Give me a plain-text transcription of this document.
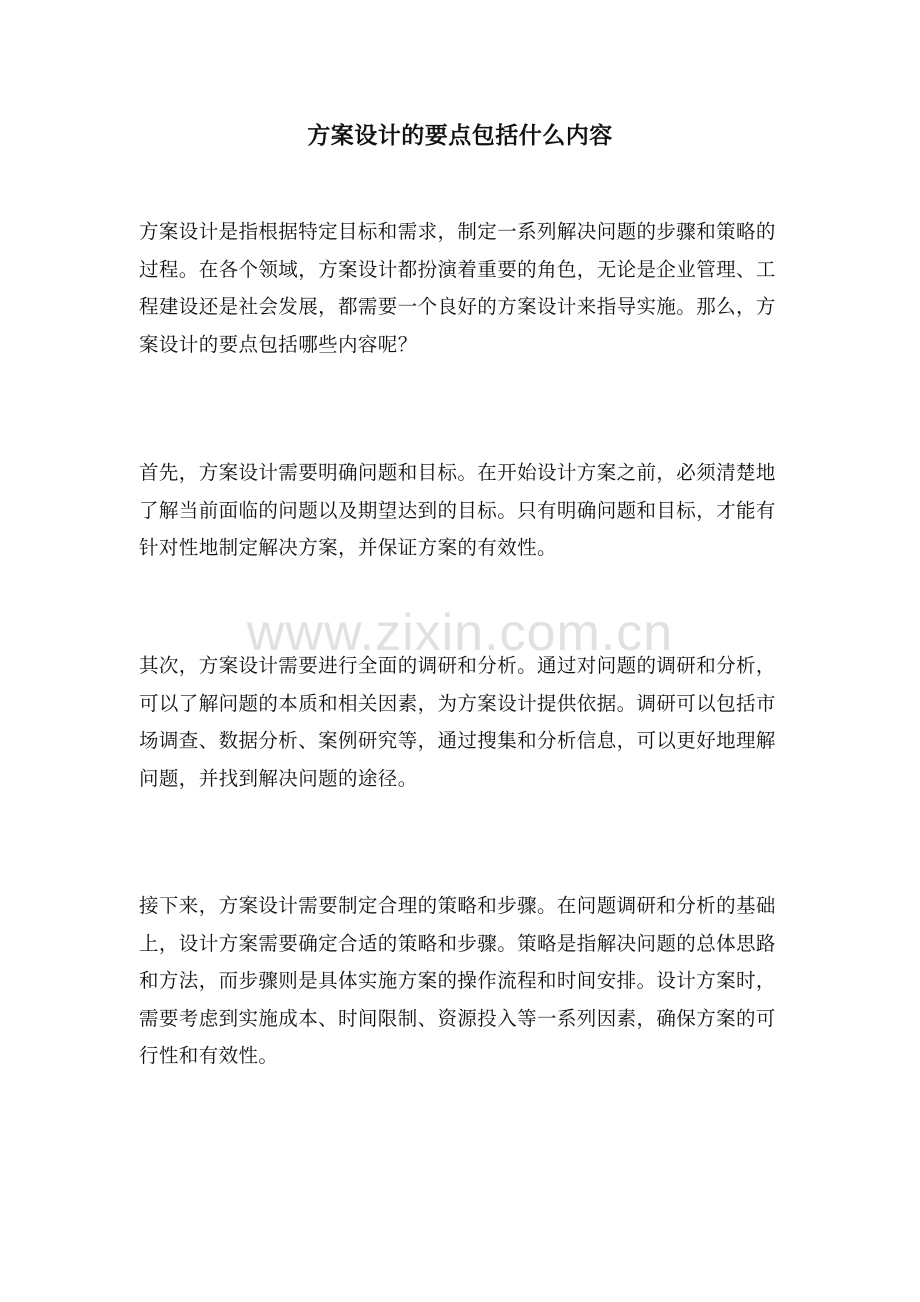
方案设计的要点包括什么内容

方案设计是指根据特定目标和需求，制定一系列解决问题的步骤和策略的过程。在各个领域，方案设计都扮演着重要的角色，无论是企业管理、工程建设还是社会发展，都需要一个良好的方案设计来指导实施。那么，方案设计的要点包括哪些内容呢？

首先，方案设计需要明确问题和目标。在开始设计方案之前，必须清楚地了解当前面临的问题以及期望达到的目标。只有明确问题和目标，才能有针对性地制定解决方案，并保证方案的有效性。

其次，方案设计需要进行全面的调研和分析。通过对问题的调研和分析，可以了解问题的本质和相关因素，为方案设计提供依据。调研可以包括市场调查、数据分析、案例研究等，通过搜集和分析信息，可以更好地理解问题，并找到解决问题的途径。

接下来，方案设计需要制定合理的策略和步骤。在问题调研和分析的基础上，设计方案需要确定合适的策略和步骤。策略是指解决问题的总体思路和方法，而步骤则是具体实施方案的操作流程和时间安排。设计方案时，需要考虑到实施成本、时间限制、资源投入等一系列因素，确保方案的可行性和有效性。

www.zixin.com.cn
